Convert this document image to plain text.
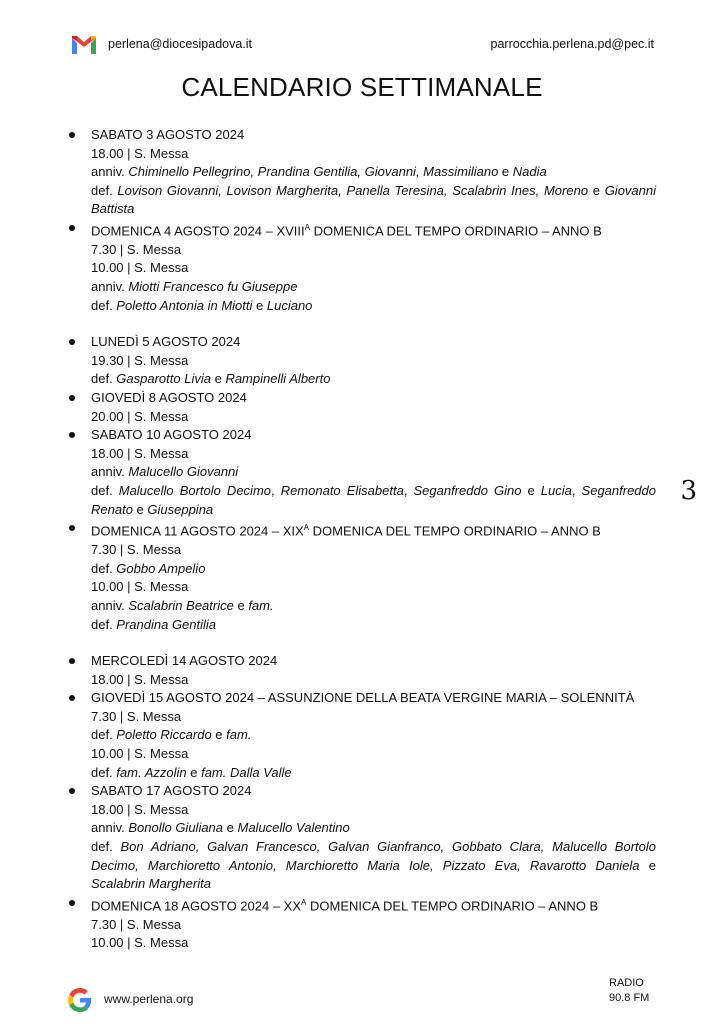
perlena@diocesipadova.it	parrocchia.perlena.pd@pec.it
CALENDARIO SETTIMANALE
3
SABATO 3 AGOSTO 2024
18.00 | S. Messa
anniv. Chiminello Pellegrino, Prandina Gentilia, Giovanni, Massimiliano e Nadia
def. Lovison Giovanni, Lovison Margherita, Panella Teresina, Scalabrin Ines, Moreno e Giovanni Battista
DOMENICA 4 AGOSTO $2024 - XVIII^A$ DOMENICA DEL TEMPO ORDINARIO – ANNO B
7.30 | S. Messa
10.00 | S. Messa
anniv. Miotti Francesco fu Giuseppe
def. Poletto Antonia in Miotti e Luciano
LUNEDÌ 5 AGOSTO 2024
19.30 | S. Messa
def. Gasparotto Livia e Rampinelli Alberto
GIOVEDÌ 8 AGOSTO 2024
20.00 | S. Messa
SABATO 10 AGOSTO 2024
18.00 | S. Messa
anniv. Malucello Giovanni
def. Malucello Bortolo Decimo, Remonato Elisabetta, Seganfreddo Gino e Lucia, Seganfreddo Renato e Giuseppina
DOMENICA 11 AGOSTO $2024 - XIX^A$ DOMENICA DEL TEMPO ORDINARIO – ANNO B
7.30 | S. Messa
def. Gobbo Ampelio
10.00 | S. Messa
anniv. Scalabrin Beatrice e fam.
def. Prandina Gentilia
MERCOLEDÌ 14 AGOSTO 2024
18.00 | S. Messa
GIOVEDÌ 15 AGOSTO 2024 – ASSUNZIONE DELLA BEATA VERGINE MARIA – SOLENNITÀ
7.30 | S. Messa
def. Poletto Riccardo e fam.
10.00 | S. Messa
def. fam. Azzolin e fam. Dalla Valle
SABATO 17 AGOSTO 2024
18.00 | S. Messa
anniv. Bonollo Giuliana e Malucello Valentino
def. Bon Adriano, Galvan Francesco, Galvan Gianfranco, Gobbato Clara, Malucello Bortolo Decimo, Marchioretto Antonio, Marchioretto Maria Iole, Pizzato Eva, Ravarotto Daniela e Scalabrin Margherita
DOMENICA 18 AGOSTO $2024 - XX^A$ DOMENICA DEL TEMPO ORDINARIO – ANNO B
7.30 | S. Messa
10.00 | S. Messa
www.perlena.org
RADIO
90.8 FM
